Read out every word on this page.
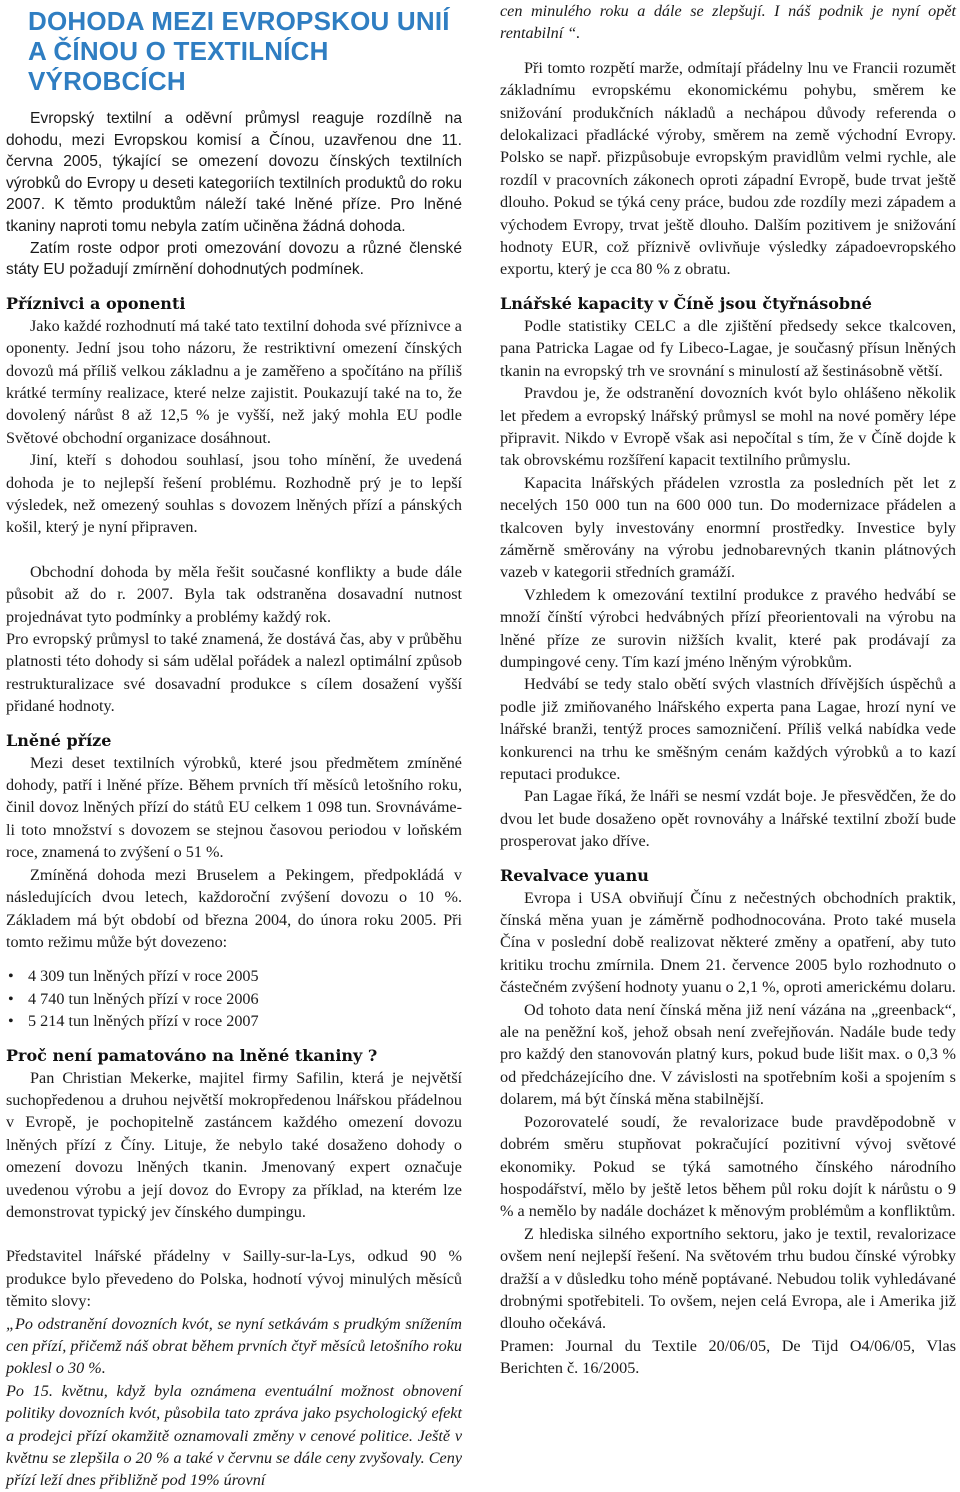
DOHODA MEZI EVROPSKOU UNIÍ
A ČÍNOU O TEXTILNÍCH VÝROBCÍCH

Evropský textilní a oděvní průmysl reaguje rozdílně na dohodu, mezi Evropskou komisí a Čínou, uzavřenou dne 11. června 2005, týkající se omezení dovozu čínských textilních výrobků do Evropy u deseti kategoriích textilních produktů do roku 2007. K těmto produktům náleží také lněné příze. Pro lněné tkaniny naproti tomu nebyla zatím učiněna žádná dohoda.

Zatím roste odpor proti omezování dovozu a různé členské státy EU požadují zmírnění dohodnutých podmínek.

Příznivci a oponenti

Jako každé rozhodnutí má také tato textilní dohoda své příznivce a oponenty. Jední jsou toho názoru, že restriktivní omezení čínských dovozů má příliš velkou základnu a je zaměřeno a spočítáno na příliš krátké termíny realizace, které nelze zajistit. Poukazují také na to, že dovolený nárůst 8 až 12,5 % je vyšší, než jaký mohla EU podle Světové obchodní organizace dosáhnout.

Jiní, kteří s dohodou souhlasí, jsou toho mínění, že uvedená dohoda je to nejlepší řešení problému. Rozhodně prý je to lepší výsledek, než omezený souhlas s dovozem lněných přízí a pánských košil, který je nyní připraven.

Obchodní dohoda by měla řešit současné konflikty a bude dále působit až do r. 2007. Byla tak odstraněna dosavadní nutnost projednávat tyto podmínky a problémy každý rok.

Pro evropský průmysl to také znamená, že dostává čas, aby v průběhu platnosti této dohody si sám udělal pořádek a nalezl optimální způsob restrukturalizace své dosavadní produkce s cílem dosažení vyšší přidané hodnoty.

Lněné příze

Mezi deset textilních výrobků, které jsou předmětem zmíněné dohody, patří i lněné příze. Během prvních tří měsíců letošního roku, činil dovoz lněných přízí do států EU celkem 1 098 tun. Srovnáváme-li toto množství s dovozem se stejnou časovou periodou v loňském roce, znamená to zvýšení o 51 %.

Zmíněná dohoda mezi Bruselem a Pekingem, předpokládá v následujících dvou letech, každoroční zvýšení dovozu o 10 %. Základem má být období od března 2004, do února roku 2005. Při tomto režimu může být dovezeno:

• 4 309 tun lněných přízí v roce 2005
• 4 740 tun lněných přízí v roce 2006
• 5 214 tun lněných přízí v roce 2007
Proč není pamatováno na lněné tkaniny ?

Pan Christian Mekerke, majitel firmy Safilin, která je největší suchopředenou a druhou největší mokropředenou lnářskou přádelnou v Evropě, je pochopitelně zastáncem každého omezení dovozu lněných přízí z Číny. Lituje, že nebylo také dosaženo dohody o omezení dovozu lněných tkanin. Jmenovaný expert označuje uvedenou výrobu a její dovoz do Evropy za příklad, na kterém lze demonstrovat typický jev čínského dumpingu.

Představitel lnářské přádelny v Sailly-sur-la-Lys, odkud 90 % produkce bylo převedeno do Polska, hodnotí vývoj minulých měsíců těmito slovy:

„Po odstranění dovozních kvót, se nyní setkávám s prudkým snížením cen přízí, přičemž náš obrat během prvních čtyř měsíců letošního roku poklesl o 30 %.

Po 15. květnu, když byla oznámena eventuální možnost obnovení politiky dovozních kvót, působila tato zpráva jako psychologický efekt a prodejci přízí okamžitě oznamovali změny v cenové politice. Ještě v květnu se zlepšila o 20 % a také v červnu se dále ceny zvyšovaly. Ceny přízí leží dnes přibližně pod 19% úrovní

cen minulého roku a dále se zlepšují. I náš podnik je nyní opět rentabilní “.

Při tomto rozpětí marže, odmítají přádelny lnu ve Francii rozumět základnímu evropskému ekonomickému pohybu, směrem ke snižování produkčních nákladů a nechápou důvody referenda o delokalizaci přadlácké výroby, směrem na země východní Evropy. Polsko se např. přizpůsobuje evropským pravidlům velmi rychle, ale rozdíl v pracovních zákonech oproti západní Evropě, bude trvat ještě dlouho. Pokud se týká ceny práce, budou zde rozdíly mezi západem a východem Evropy, trvat ještě dlouho. Dalším pozitivem je snižování hodnoty EUR, což příznivě ovlivňuje výsledky západoevropského exportu, který je cca 80 % z obratu.

Lnářské kapacity v Číně jsou čtyřnásobné

Podle statistiky CELC a dle zjištění předsedy sekce tkalcoven, pana Patricka Lagae od fy Libeco-Lagae, je současný přísun lněných tkanin na evropský trh ve srovnání s minulostí až šestinásobně větší.

Pravdou je, že odstranění dovozních kvót bylo ohlášeno několik let předem a evropský lnářský průmysl se mohl na nové poměry lépe připravit. Nikdo v Evropě však asi nepočítal s tím, že v Číně dojde k tak obrovskému rozšíření kapacit textilního průmyslu.

Kapacita lnářských přádelen vzrostla za posledních pět let z necelých 150 000 tun na 600 000 tun. Do modernizace přádelen a tkalcoven byly investovány enormní prostředky. Investice byly záměrně směrovány na výrobu jednobarevných tkanin plátnových vazeb v kategorii středních gramáží.

Vzhledem k omezování textilní produkce z pravého hedvábí se množí čínští výrobci hedvábných přízí přeorientovali na výrobu na lněné příze ze surovin nižších kvalit, které pak prodávají za dumpingové ceny. Tím kazí jméno lněným výrobkům.

Hedvábí se tedy stalo obětí svých vlastních dřívějších úspěchů a podle již zmiňovaného lnářského experta pana Lagae, hrozí nyní ve lnářské branži, tentýž proces samozničení. Příliš velká nabídka vede konkurenci na trhu ke směšným cenám každých výrobků a to kazí reputaci produkce.

Pan Lagae říká, že lnáři se nesmí vzdát boje. Je přesvědčen, že do dvou let bude dosaženo opět rovnováhy a lnářské textilní zboží bude prosperovat jako dříve.

Revalvace yuanu

Evropa i USA obviňují Čínu z nečestných obchodních praktik, čínská měna yuan je záměrně podhodnocována. Proto také musela Čína v poslední době realizovat některé změny a opatření, aby tuto kritiku trochu zmírnila. Dnem 21. července 2005 bylo rozhodnuto o částečném zvýšení hodnoty yuanu o 2,1 %, oproti americkému dolaru.

Od tohoto data není čínská měna již není vázána na „greenback“, ale na peněžní koš, jehož obsah není zveřejňován. Nadále bude tedy pro každý den stanovován platný kurs, pokud bude lišit max. o 0,3 % od předcházejícího dne. V závislosti na spotřebním koši a spojením s dolarem, má být čínská měna stabilnější.

Pozorovatelé soudí, že revalorizace bude pravděpodobně v dobrém směru stupňovat pokračující pozitivní vývoj světové ekonomiky. Pokud se týká samotného čínského národního hospodářství, mělo by ještě letos během půl roku dojít k nárůstu o 9 % a nemělo by nadále docházet k měnovým problémům a konfliktům.

Z hlediska silného exportního sektoru, jako je textil, revalorizace ovšem není nejlepší řešení. Na světovém trhu budou čínské výrobky dražší a v důsledku toho méně poptávané. Nebudou tolik vyhledávané drobnými spotřebiteli. To ovšem, nejen celá Evropa, ale i Amerika již dlouho očekává.

Pramen: Journal du Textile 20/06/05, De Tijd O4/06/05, Vlas Berichten č. 16/2005.
